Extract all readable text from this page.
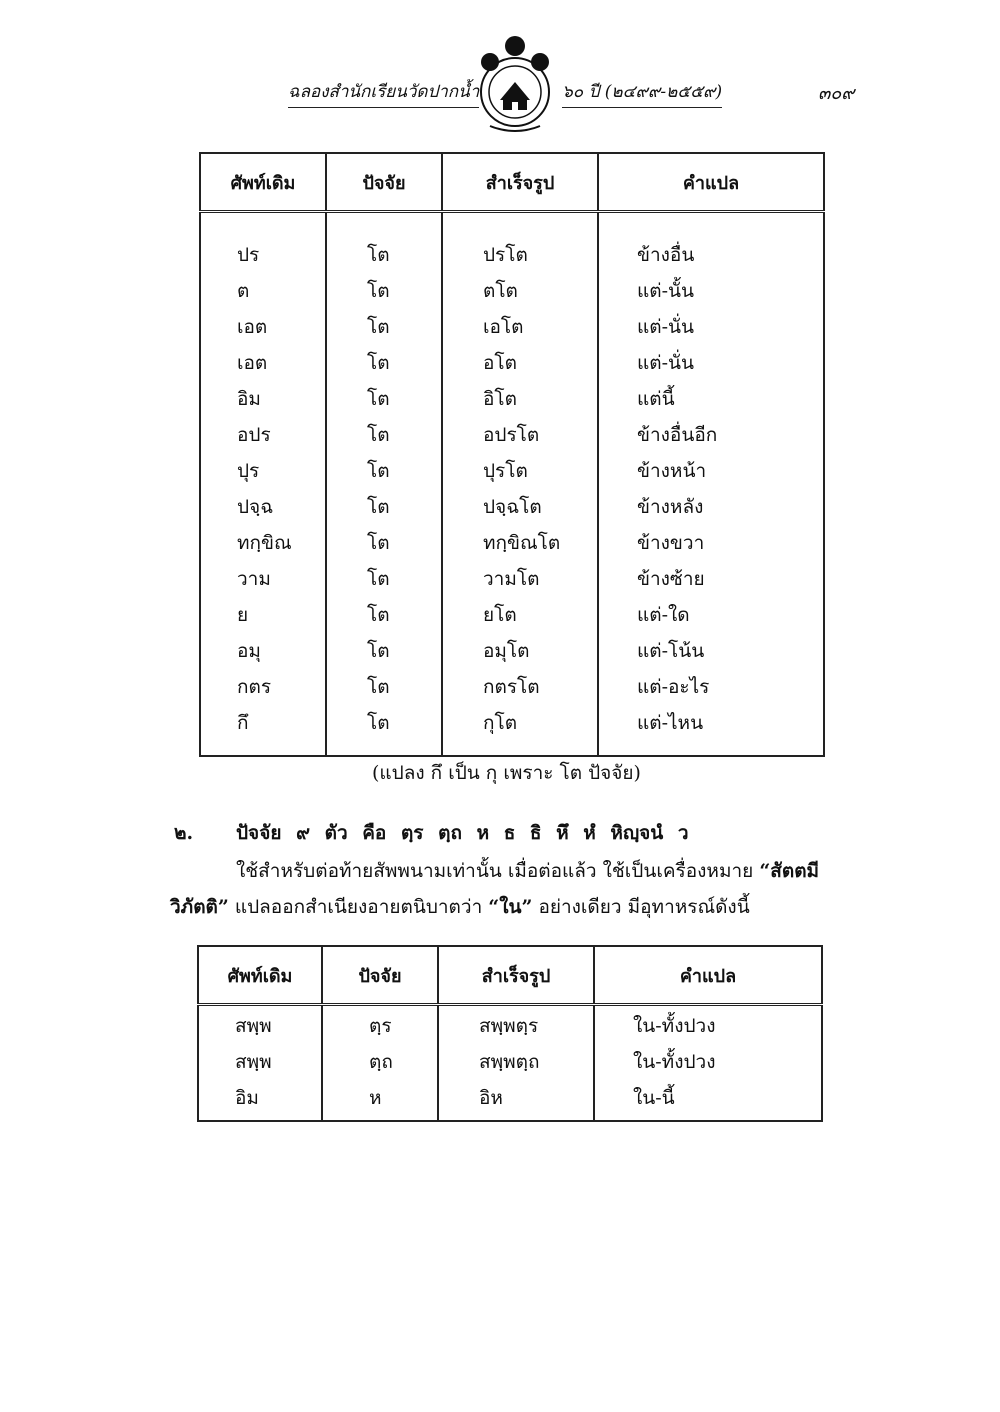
ฉลองสำนักเรียนวัดปากน้ำ	๖๐ ปี (๒๔๙๙-๒๕๕๙)	๓๐๙
ศัพท์เดิม	ปัจจัย	สำเร็จรูป	คำแปล
ปร	โต	ปรโต	ข้างอื่น
ต	โต	ตโต	แต่-นั้น
เอต	โต	เอโต	แต่-นั่น
เอต	โต	อโต	แต่-นั่น
อิม	โต	อิโต	แต่นี้
อปร	โต	อปรโต	ข้างอื่นอีก
ปุร	โต	ปุรโต	ข้างหน้า
ปจฺฉ	โต	ปจฺฉโต	ข้างหลัง
ทกฺขิณ	โต	ทกฺขิณโต	ข้างขวา
วาม	โต	วามโต	ข้างซ้าย
ย	โต	ยโต	แต่-ใด
อมุ	โต	อมุโต	แต่-โน้น
กตร	โต	กตรโต	แต่-อะไร
กึ	โต	กุโต	แต่-ไหน
(แปลง กึ เป็น กุ เพราะ โต ปัจจัย)
๒. ปัจจัย ๙ ตัว คือ ตฺร ตฺถ ห ธ ธิ หึ หํ หิญฺจนํ ว
ใช้สำหรับต่อท้ายสัพพนามเท่านั้น เมื่อต่อแล้ว ใช้เป็นเครื่องหมาย “สัตตมี
วิภัตติ” แปลออกสำเนียงอายตนิบาตว่า “ใน” อย่างเดียว มีอุทาหรณ์ดังนี้
ศัพท์เดิม	ปัจจัย	สำเร็จรูป	คำแปล
สพฺพ	ตฺร	สพฺพตฺร	ใน-ทั้งปวง
สพฺพ	ตฺถ	สพฺพตฺถ	ใน-ทั้งปวง
อิม	ห	อิห	ใน-นี้
